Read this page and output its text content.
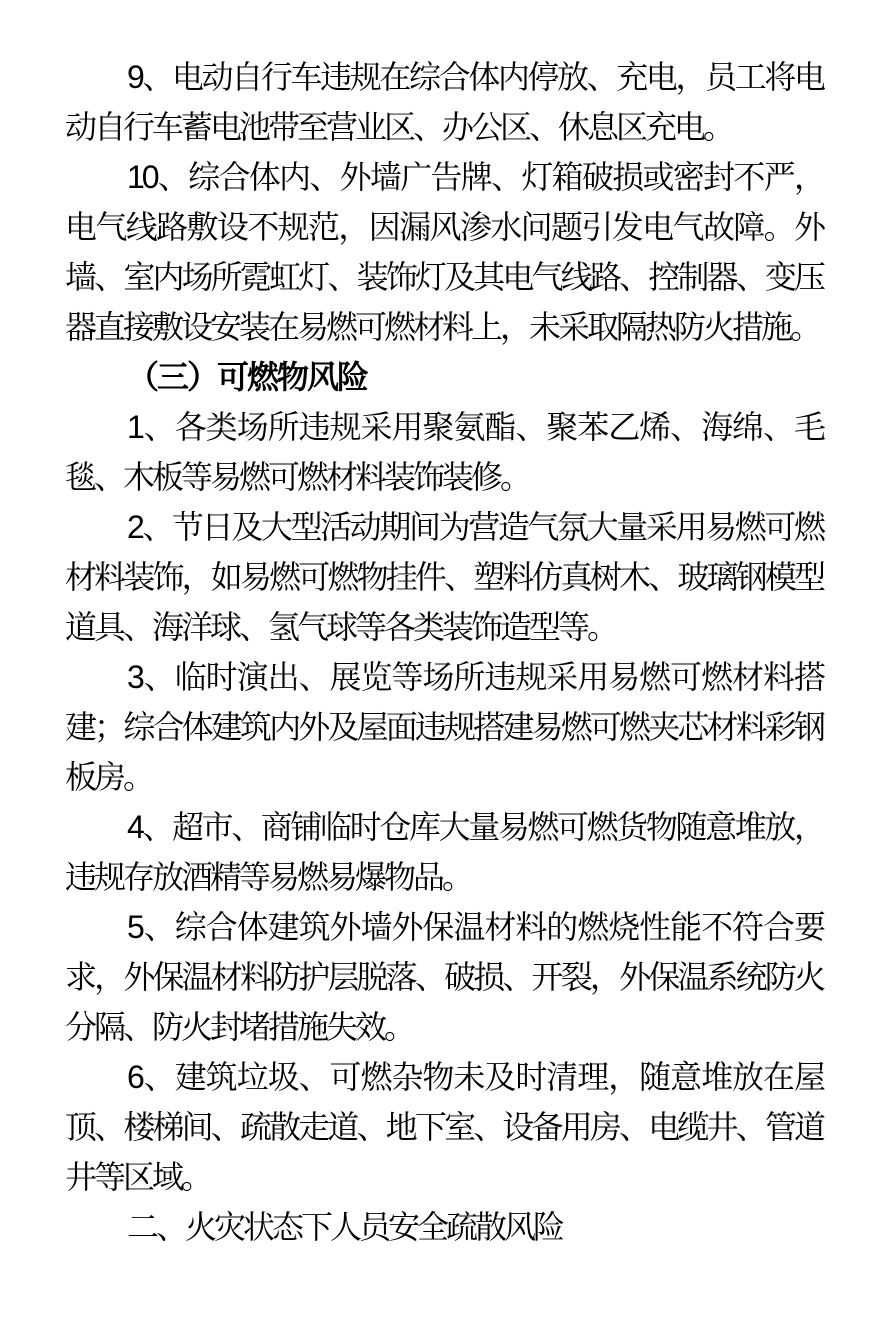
9、电动自行车违规在综合体内停放、充电，员工将电动自行车蓄电池带至营业区、办公区、休息区充电。

10、综合体内、外墙广告牌、灯箱破损或密封不严，电气线路敷设不规范，因漏风渗水问题引发电气故障。外墙、室内场所霓虹灯、装饰灯及其电气线路、控制器、变压器直接敷设安装在易燃可燃材料上，未采取隔热防火措施。

（三）可燃物风险

1、各类场所违规采用聚氨酯、聚苯乙烯、海绵、毛毯、木板等易燃可燃材料装饰装修。

2、节日及大型活动期间为营造气氛大量采用易燃可燃材料装饰，如易燃可燃物挂件、塑料仿真树木、玻璃钢模型道具、海洋球、氢气球等各类装饰造型等。

3、临时演出、展览等场所违规采用易燃可燃材料搭建；综合体建筑内外及屋面违规搭建易燃可燃夹芯材料彩钢板房。

4、超市、商铺临时仓库大量易燃可燃货物随意堆放，违规存放酒精等易燃易爆物品。

5、综合体建筑外墙外保温材料的燃烧性能不符合要求，外保温材料防护层脱落、破损、开裂，外保温系统防火分隔、防火封堵措施失效。

6、建筑垃圾、可燃杂物未及时清理，随意堆放在屋顶、楼梯间、疏散走道、地下室、设备用房、电缆井、管道井等区域。

二、火灾状态下人员安全疏散风险
